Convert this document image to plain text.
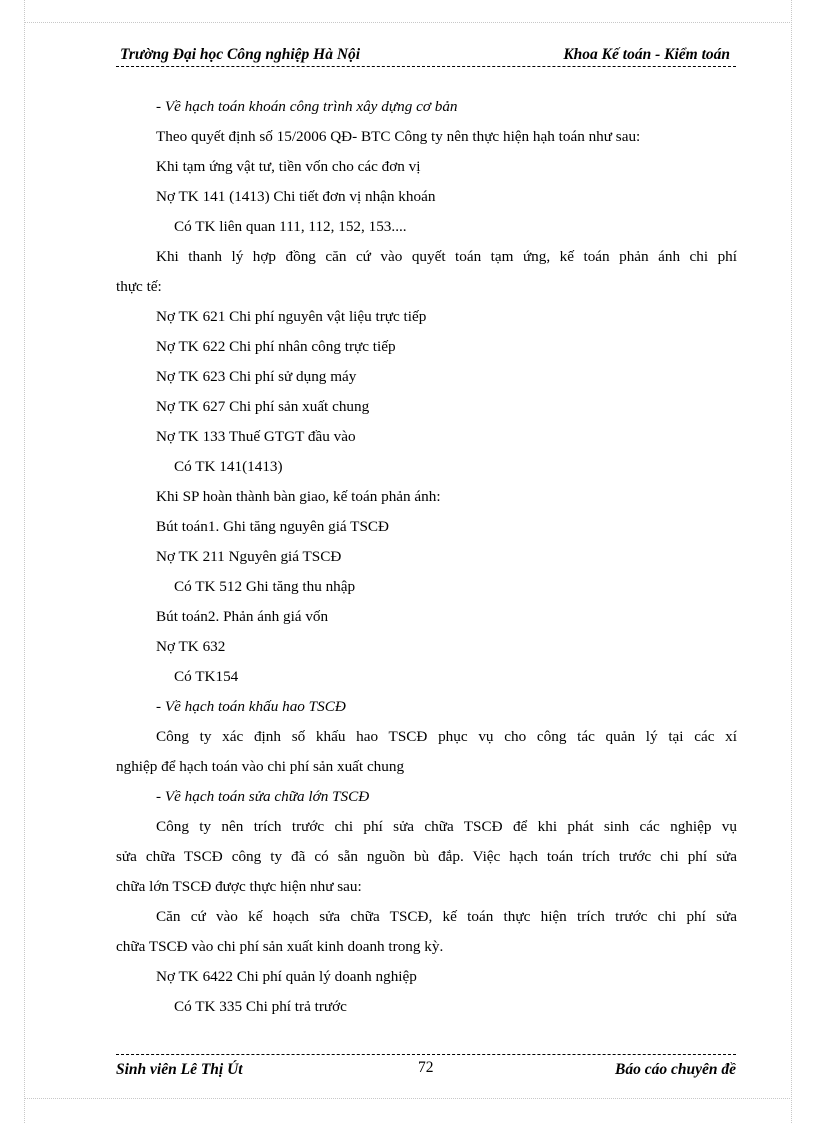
Trường Đại học Công nghiệp Hà Nội	Khoa Kế toán - Kiểm toán
- Về hạch toán khoán công trình xây dựng cơ bản
Theo quyết định số 15/2006 QĐ- BTC Công ty nên thực hiện hạh toán như sau:
Khi tạm ứng vật tư, tiền vốn cho các đơn vị
Nợ TK 141 (1413) Chi tiết đơn vị nhận khoán
Có TK liên quan 111, 112, 152, 153....
Khi thanh lý hợp đồng căn cứ vào quyết toán tạm ứng, kế toán phản ánh chi phí
thực tế:
Nợ TK 621 Chi phí nguyên vật liệu trực tiếp
Nợ TK 622 Chi phí nhân công trực tiếp
Nợ TK 623 Chi phí sử dụng máy
Nợ TK 627 Chi phí sản xuất chung
Nợ TK 133 Thuế GTGT đầu vào
Có TK 141(1413)
Khi SP hoàn thành bàn giao, kế toán phản ánh:
Bút toán1. Ghi tăng nguyên giá TSCĐ
Nợ TK 211 Nguyên giá TSCĐ
Có TK 512 Ghi tăng thu nhập
Bút toán2. Phản ánh giá vốn
Nợ TK 632
Có TK154
- Về hạch toán khấu hao TSCĐ
Công ty xác định số khấu hao TSCĐ phục vụ cho công tác quản lý tại các xí
nghiệp để hạch toán vào chi phí sản xuất chung
- Về hạch toán sửa chữa lớn TSCĐ
Công ty nên trích trước chi phí sửa chữa TSCĐ để khi phát sinh các nghiệp vụ
sửa chữa TSCĐ công ty đã có sẵn nguồn bù đắp. Việc hạch toán trích trước chi phí sửa
chữa lớn TSCĐ được thực hiện như sau:
Căn cứ vào kế hoạch sửa chữa TSCĐ, kế toán thực hiện trích trước chi phí sửa
chữa TSCĐ vào chi phí sản xuất kinh doanh trong kỳ.
Nợ TK 6422 Chi phí quản lý doanh nghiệp
Có TK 335 Chi phí trả trước
Sinh viên Lê Thị Út	72	Báo cáo chuyên đề
